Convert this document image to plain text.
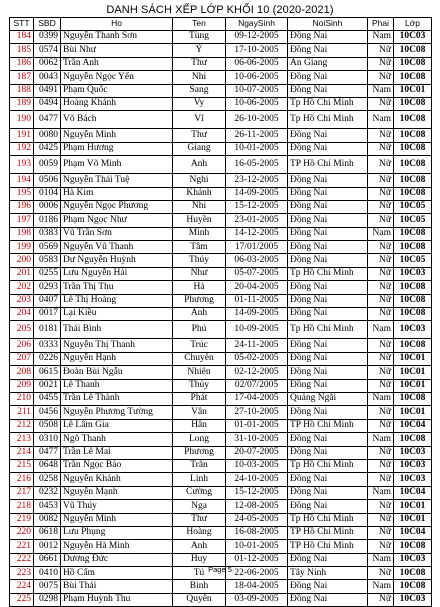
DANH SÁCH XẾP LỚP KHỐI 10 (2020-2021)
STT	SBD	Ho	Ten	NgaySinh	NoiSinh	Phai	Lớp
184	0399	Nguyễn Thanh Sơn	Tùng	09-12-2005	Đồng Nai	Nam	10C03
185	0574	Bùi Như	Ý	17-10-2005	Đồng Nai	Nữ	10C08
186	0062	Trần Anh	Thư	06-06-2005	An Giang	Nữ	10C08
187	0043	Nguyễn Ngọc Yến	Nhi	10-06-2005	Đồng Nai	Nữ	10C08
188	0491	Phạm Quốc	Sang	10-07-2005	Đồng Nai	Nam	10C01
189	0494	Hoàng Khánh	Vy	10-06-2005	Tp Hồ Chí Minh	Nữ	10C08
190	0477	Võ Bách	Vĩ	26-10-2005	Tp Hồ Chí Minh	Nam	10C08
191	0080	Nguyễn Minh	Thư	26-11-2005	Đồng Nai	Nữ	10C08
192	0425	Phạm Hương	Giang	10-01-2005	Đồng Nai	Nữ	10C08
193	0059	Phạm Võ Minh	Anh	16-05-2005	TP Hồ Chí Minh	Nữ	10C08
194	0506	Nguyễn Thái Tuệ	Nghi	23-12-2005	Đồng Nai	Nữ	10C08
195	0104	Hà Kim	Khánh	14-09-2005	Đồng Nai	Nữ	10C08
196	0006	Nguyễn Ngọc Phương	Nhi	15-12-2005	Đồng Nai	Nữ	10C05
197	0186	Phạm Ngọc Như	Huyền	23-01-2005	Đồng Nai	Nữ	10C05
198	0383	Vũ Trần Sơn	Minh	14-12-2005	Đồng Nai	Nam	10C08
199	0569	Nguyễn Vũ Thanh	Tâm	17/01/2005	Đồng Nai	Nữ	10C08
200	0583	Dư Nguyễn Huỳnh	Thúy	06-03-2005	Đồng Nai	Nữ	10C05
201	0255	Lưu Nguyễn Hải	Như	05-07-2005	Tp Hồ Chí Minh	Nữ	10C03
202	0293	Trần Thị Thu	Hà	20-04-2005	Đồng Nai	Nữ	10C08
203	0407	Lê Thị Hoàng	Phương	01-11-2005	Đồng Nai	Nữ	10C08
204	0017	Lại Kiều	Anh	14-09-2005	Đồng Nai	Nữ	10C08
205	0181	Thái Bình	Phú	10-09-2005	Tp Hồ Chí Minh	Nam	10C03
206	0333	Nguyễn Thị Thanh	Trúc	24-11-2005	Đồng Nai	Nữ	10C08
207	0226	Nguyễn Hạnh	Chuyên	05-02-2005	Đồng Nai	Nữ	10C01
208	0615	Đoàn Bùi Ngẫu	Nhiên	02-12-2005	Đồng Nai	Nữ	10C01
209	0021	Lê Thanh	Thủy	02/07/2005	Đồng Nai	Nữ	10C01
210	0455	Trần Lê Thành	Phát	17-04-2005	Quảng Ngãi	Nam	10C08
211	0456	Nguyễn Phương Tường	Vân	27-10-2005	Đồng Nai	Nữ	10C01
212	0508	Lê Lâm Gia	Hân	01-01-2005	TP Hồ Chí Minh	Nữ	10C04
213	0310	Ngô Thanh	Long	31-10-2005	Đồng Nai	Nam	10C08
214	0477	Trần Lê Mai	Phương	20-07-2005	Đồng Nai	Nữ	10C03
215	0648	Trần Ngọc Bảo	Trân	10-03-2005	Tp Hồ Chí Minh	Nữ	10C03
216	0258	Nguyễn Khánh	Linh	24-10-2005	Đồng Nai	Nữ	10C03
217	0232	Nguyễn Mạnh	Cường	15-12-2005	Đồng Nai	Nam	10C04
218	0453	Vũ Thúy	Nga	12-08-2005	Đồng Nai	Nữ	10C01
219	0082	Nguyễn Minh	Thư	24-05-2005	Tp Hồ Chí Minh	Nữ	10C01
220	0618	Lưu Phụng	Hoàng	16-08-2005	TP Hồ Chí Minh	Nữ	10C04
221	0012	Nguyễn Hà Minh	Anh	10-01-2005	TP Hồ Chí Minh	Nữ	10C08
222	0661	Dương Đức	Huy	01-12-2005	Đồng Nai	Nam	10C03
223	0410	Hồ Cẩm	Tú	22-06-2005	Tây Ninh	Nữ	10C08
224	0075	Bùi Thái	Bình	18-04-2005	Đồng Nai	Nam	10C08
225	0298	Phạm Huỳnh Thu	Quyên	03-09-2005	Đồng Nai	Nữ	10C03
Page 5
